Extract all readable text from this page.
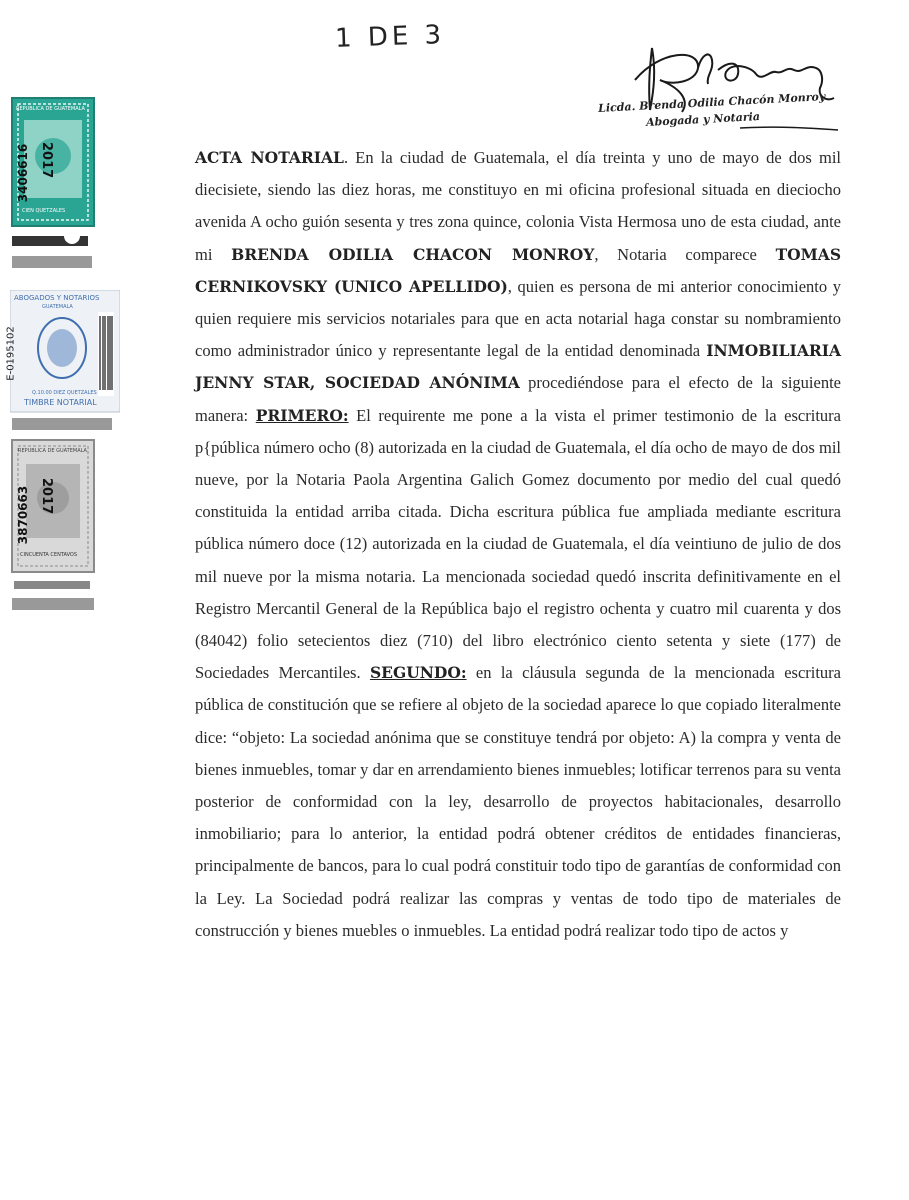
1 DE 3
Licda. Brenda Odilia Chacón Monroy
Abogada y Notaria
REPUBLICA DE GUATEMALA
3406616 2017
CIEN QUETZALES
ABOGADOS Y NOTARIOS
GUATEMALA
E-0195102
Q.10.00 DIEZ QUETZALES
TIMBRE NOTARIAL
REPUBLICA DE GUATEMALA
3870663 2017
CINCUENTA CENTAVOS

ACTA NOTARIAL. En la ciudad de Guatemala, el día treinta y uno de mayo de dos mil diecisiete, siendo las diez horas, me constituyo en mi oficina profesional situada en dieciocho avenida A ocho guión sesenta y tres zona quince, colonia Vista Hermosa uno de esta ciudad, ante mi BRENDA ODILIA CHACON MONROY, Notaria comparece TOMAS CERNIKOVSKY (UNICO APELLIDO), quien es persona de mi anterior conocimiento y quien requiere mis servicios notariales para que en acta notarial haga constar su nombramiento como administrador único y representante legal de la entidad denominada INMOBILIARIA JENNY STAR, SOCIEDAD ANÓNIMA procediéndose para el efecto de la siguiente manera: PRIMERO: El requirente me pone a la vista el primer testimonio de la escritura p{pública número ocho (8) autorizada en la ciudad de Guatemala, el día ocho de mayo de dos mil nueve, por la Notaria Paola Argentina Galich Gomez documento por medio del cual quedó constituida la entidad arriba citada. Dicha escritura pública fue ampliada mediante escritura pública número doce (12) autorizada en la ciudad de Guatemala, el día veintiuno de julio de dos mil nueve por la misma notaria. La mencionada sociedad quedó inscrita definitivamente en el Registro Mercantil General de la República bajo el registro ochenta y cuatro mil cuarenta y dos (84042) folio setecientos diez (710) del libro electrónico ciento setenta y siete (177) de Sociedades Mercantiles. SEGUNDO: en la cláusula segunda de la mencionada escritura pública de constitución que se refiere al objeto de la sociedad aparece lo que copiado literalmente dice: “objeto: La sociedad anónima que se constituye tendrá por objeto: A) la compra y venta de bienes inmuebles, tomar y dar en arrendamiento bienes inmuebles; lotificar terrenos para su venta posterior de conformidad con la ley, desarrollo de proyectos habitacionales, desarrollo inmobiliario; para lo anterior, la entidad podrá obtener créditos de entidades financieras, principalmente de bancos, para lo cual podrá constituir todo tipo de garantías de conformidad con la Ley. La Sociedad podrá realizar las compras y ventas de todo tipo de materiales de construcción y bienes muebles o inmuebles. La entidad podrá realizar todo tipo de actos y
